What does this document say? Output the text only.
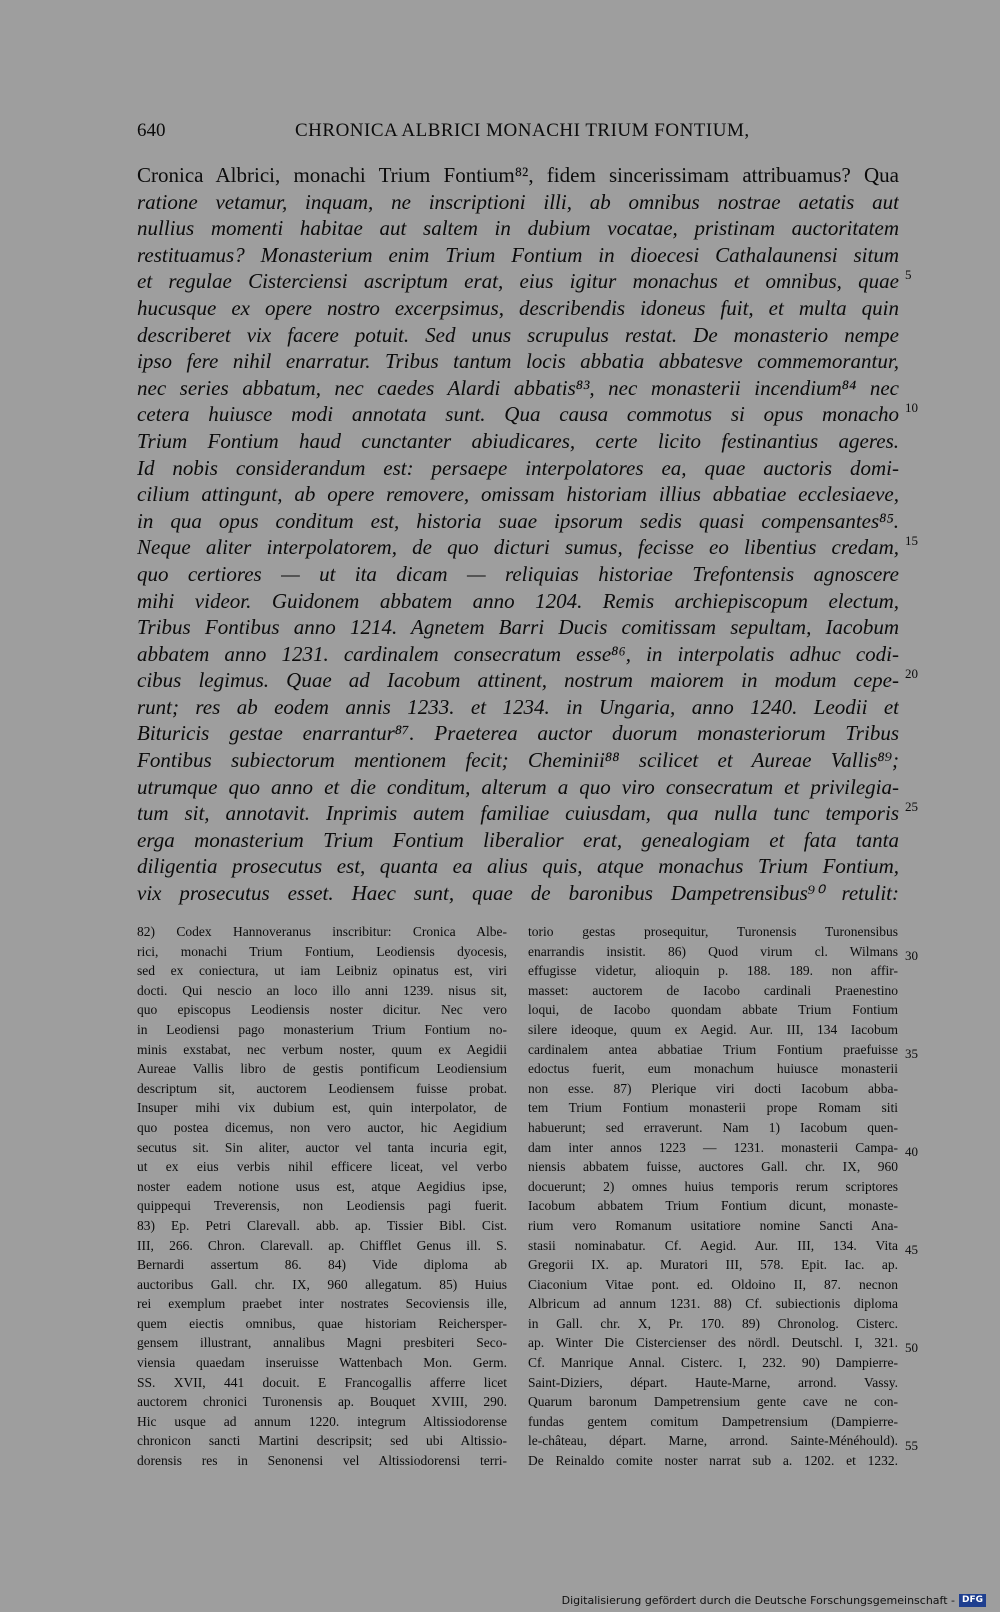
640	CHRONICA ALBRICI MONACHI TRIUM FONTIUM,
Cronica Albrici, monachi Trium Fontium⁸², fidem sincerissimam attribuamus? Qua
ratione vetamur, inquam, ne inscriptioni illi, ab omnibus nostrae aetatis aut
nullius momenti habitae aut saltem in dubium vocatae, pristinam auctoritatem
restituamus? Monasterium enim Trium Fontium in dioecesi Cathalaunensi situm
et regulae Cisterciensi ascriptum erat, eius igitur monachus et omnibus, quae
hucusque ex opere nostro excerpsimus, describendis idoneus fuit, et multa quin
describeret vix facere potuit. Sed unus scrupulus restat. De monasterio nempe
ipso fere nihil enarratur. Tribus tantum locis abbatia abbatesve commemorantur,
nec series abbatum, nec caedes Alardi abbatis⁸³, nec monasterii incendium⁸⁴ nec
cetera huiusce modi annotata sunt. Qua causa commotus si opus monacho
Trium Fontium haud cunctanter abiudicares, certe licito festinantius ageres.
Id nobis considerandum est: persaepe interpolatores ea, quae auctoris domi-
cilium attingunt, ab opere removere, omissam historiam illius abbatiae ecclesiaeve,
in qua opus conditum est, historia suae ipsorum sedis quasi compensantes⁸⁵.
Neque aliter interpolatorem, de quo dicturi sumus, fecisse eo libentius credam,
quo certiores — ut ita dicam — reliquias historiae Trefontensis agnoscere
mihi videor. Guidonem abbatem anno 1204. Remis archiepiscopum electum,
Tribus Fontibus anno 1214. Agnetem Barri Ducis comitissam sepultam, Iacobum
abbatem anno 1231. cardinalem consecratum esse⁸⁶, in interpolatis adhuc codi-
cibus legimus. Quae ad Iacobum attinent, nostrum maiorem in modum cepe-
runt; res ab eodem annis 1233. et 1234. in Ungaria, anno 1240. Leodii et
Bituricis gestae enarrantur⁸⁷. Praeterea auctor duorum monasteriorum Tribus
Fontibus subiectorum mentionem fecit; Cheminii⁸⁸ scilicet et Aureae Vallis⁸⁹;
utrumque quo anno et die conditum, alterum a quo viro consecratum et privilegia-
tum sit, annotavit. Inprimis autem familiae cuiusdam, qua nulla tunc temporis
erga monasterium Trium Fontium liberalior erat, genealogiam et fata tanta
diligentia prosecutus est, quanta ea alius quis, atque monachus Trium Fontium,
vix prosecutus esset. Haec sunt, quae de baronibus Dampetrensibus⁹⁰ retulit:
5
10
15
20
25
30
35
40
45
50
55
82) Codex Hannoveranus inscribitur: Cronica Albe-
rici, monachi Trium Fontium, Leodiensis dyocesis,
sed ex coniectura, ut iam Leibniz opinatus est, viri
docti. Qui nescio an loco illo anni 1239. nisus sit,
quo episcopus Leodiensis noster dicitur. Nec vero
in Leodiensi pago monasterium Trium Fontium no-
minis exstabat, nec verbum noster, quum ex Aegidii
Aureae Vallis libro de gestis pontificum Leodiensium
descriptum sit, auctorem Leodiensem fuisse probat.
Insuper mihi vix dubium est, quin interpolator, de
quo postea dicemus, non vero auctor, hic Aegidium
secutus sit. Sin aliter, auctor vel tanta incuria egit,
ut ex eius verbis nihil efficere liceat, vel verbo
noster eadem notione usus est, atque Aegidius ipse,
quippequi Treverensis, non Leodiensis pagi fuerit.
83) Ep. Petri Clarevall. abb. ap. Tissier Bibl. Cist.
III, 266. Chron. Clarevall. ap. Chifflet Genus ill. S.
Bernardi assertum 86. 84) Vide diploma ab
auctoribus Gall. chr. IX, 960 allegatum. 85) Huius
rei exemplum praebet inter nostrates Secoviensis ille,
quem eiectis omnibus, quae historiam Reichersper-
gensem illustrant, annalibus Magni presbiteri Seco-
viensia quaedam inseruisse Wattenbach Mon. Germ.
SS. XVII, 441 docuit. E Francogallis afferre licet
auctorem chronici Turonensis ap. Bouquet XVIII, 290.
Hic usque ad annum 1220. integrum Altissiodorense
chronicon sancti Martini descripsit; sed ubi Altissio-
dorensis res in Senonensi vel Altissiodorensi terri-
torio gestas prosequitur, Turonensis Turonensibus
enarrandis insistit. 86) Quod virum cl. Wilmans
effugisse videtur, alioquin p. 188. 189. non affir-
masset: auctorem de Iacobo cardinali Praenestino
loqui, de Iacobo quondam abbate Trium Fontium
silere ideoque, quum ex Aegid. Aur. III, 134 Iacobum
cardinalem antea abbatiae Trium Fontium praefuisse
edoctus fuerit, eum monachum huiusce monasterii
non esse. 87) Plerique viri docti Iacobum abba-
tem Trium Fontium monasterii prope Romam siti
habuerunt; sed erraverunt. Nam 1) Iacobum quen-
dam inter annos 1223 — 1231. monasterii Campa-
niensis abbatem fuisse, auctores Gall. chr. IX, 960
docuerunt; 2) omnes huius temporis rerum scriptores
Iacobum abbatem Trium Fontium dicunt, monaste-
rium vero Romanum usitatiore nomine Sancti Ana-
stasii nominabatur. Cf. Aegid. Aur. III, 134. Vita
Gregorii IX. ap. Muratori III, 578. Epit. Iac. ap.
Ciaconium Vitae pont. ed. Oldoino II, 87. necnon
Albricum ad annum 1231. 88) Cf. subiectionis diploma
in Gall. chr. X, Pr. 170. 89) Chronolog. Cisterc.
ap. Winter Die Cistercienser des nördl. Deutschl. I, 321.
Cf. Manrique Annal. Cisterc. I, 232. 90) Dampierre-
Saint-Diziers, départ. Haute-Marne, arrond. Vassy.
Quarum baronum Dampetrensium gente cave ne con-
fundas gentem comitum Dampetrensium (Dampierre-
le-château, départ. Marne, arrond. Sainte-Ménéhould).
De Reinaldo comite noster narrat sub a. 1202. et 1232.
Digitalisierung gefördert durch die Deutsche Forschungsgemeinschaft - DFG
